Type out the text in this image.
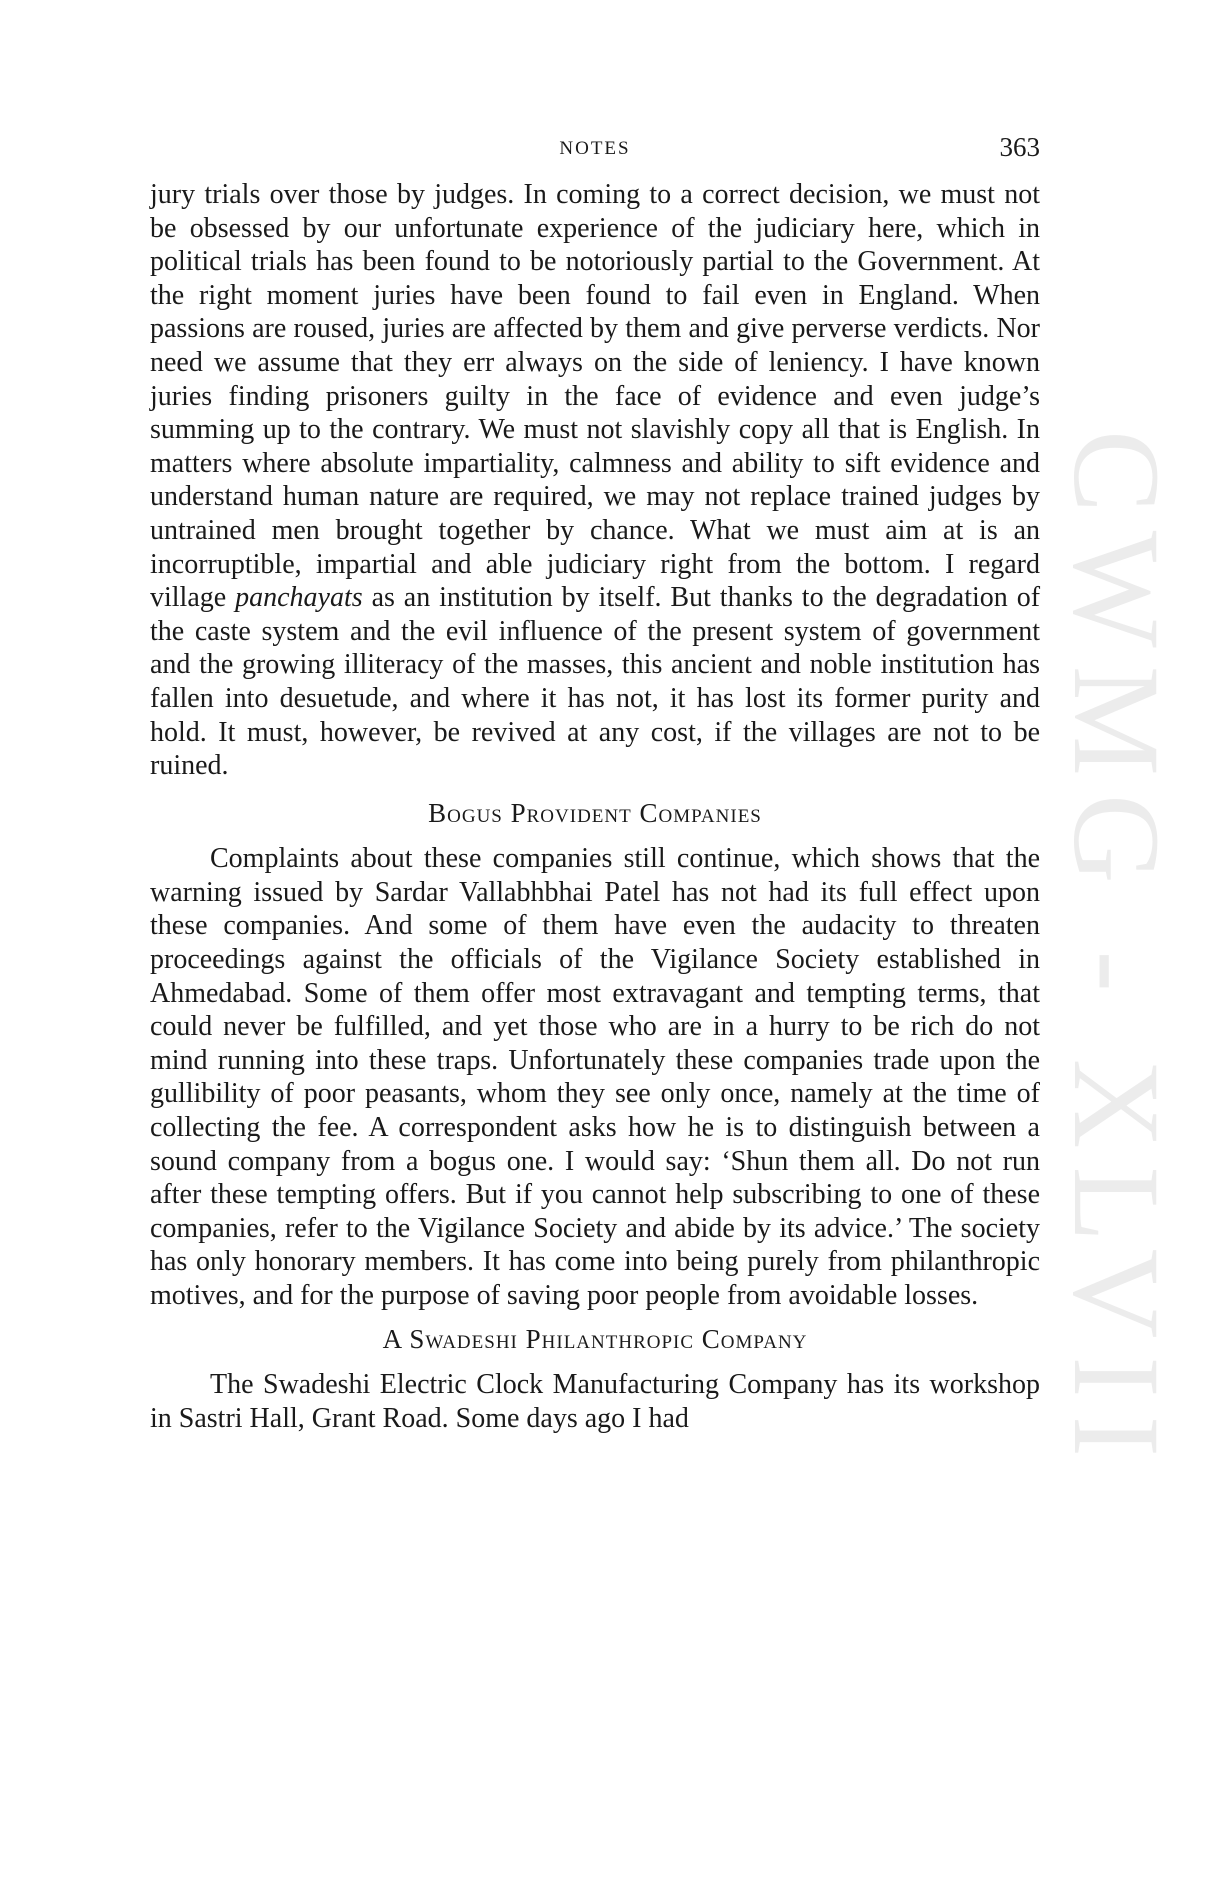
NOTES	363
CWMG - XLVII

jury trials over those by judges. In coming to a correct decision, we must not be obsessed by our unfortunate experience of the judiciary here, which in political trials has been found to be notoriously partial to the Government. At the right moment juries have been found to fail even in England. When passions are roused, juries are affected by them and give perverse verdicts. Nor need we assume that they err always on the side of leniency. I have known juries finding prisoners guilty in the face of evidence and even judge’s summing up to the contrary. We must not slavishly copy all that is English. In matters where absolute impartiality, calmness and ability to sift evidence and understand human nature are required, we may not replace trained judges by untrained men brought together by chance. What we must aim at is an incorruptible, impartial and able judiciary right from the bottom. I regard village panchayats as an institution by itself. But thanks to the degradation of the caste system and the evil influence of the present system of government and the growing illiteracy of the masses, this ancient and noble institution has fallen into desuetude, and where it has not, it has lost its former purity and hold. It must, however, be revived at any cost, if the villages are not to be ruined.

Bogus Provident Companies

Complaints about these companies still continue, which shows that the warning issued by Sardar Vallabhbhai Patel has not had its full effect upon these companies. And some of them have even the audacity to threaten proceedings against the officials of the Vigilance Society established in Ahmedabad. Some of them offer most extravagant and tempting terms, that could never be fulfilled, and yet those who are in a hurry to be rich do not mind running into these traps. Unfortunately these companies trade upon the gullibility of poor peasants, whom they see only once, namely at the time of collecting the fee. A correspondent asks how he is to distinguish between a sound company from a bogus one. I would say: ‘Shun them all. Do not run after these tempting offers. But if you cannot help subscribing to one of these companies, refer to the Vigilance Society and abide by its advice.’ The society has only honorary members. It has come into being purely from philanthropic motives, and for the purpose of saving poor people from avoidable losses.

A Swadeshi Philanthropic Company

The Swadeshi Electric Clock Manufacturing Company has its workshop in Sastri Hall, Grant Road. Some days ago I had
